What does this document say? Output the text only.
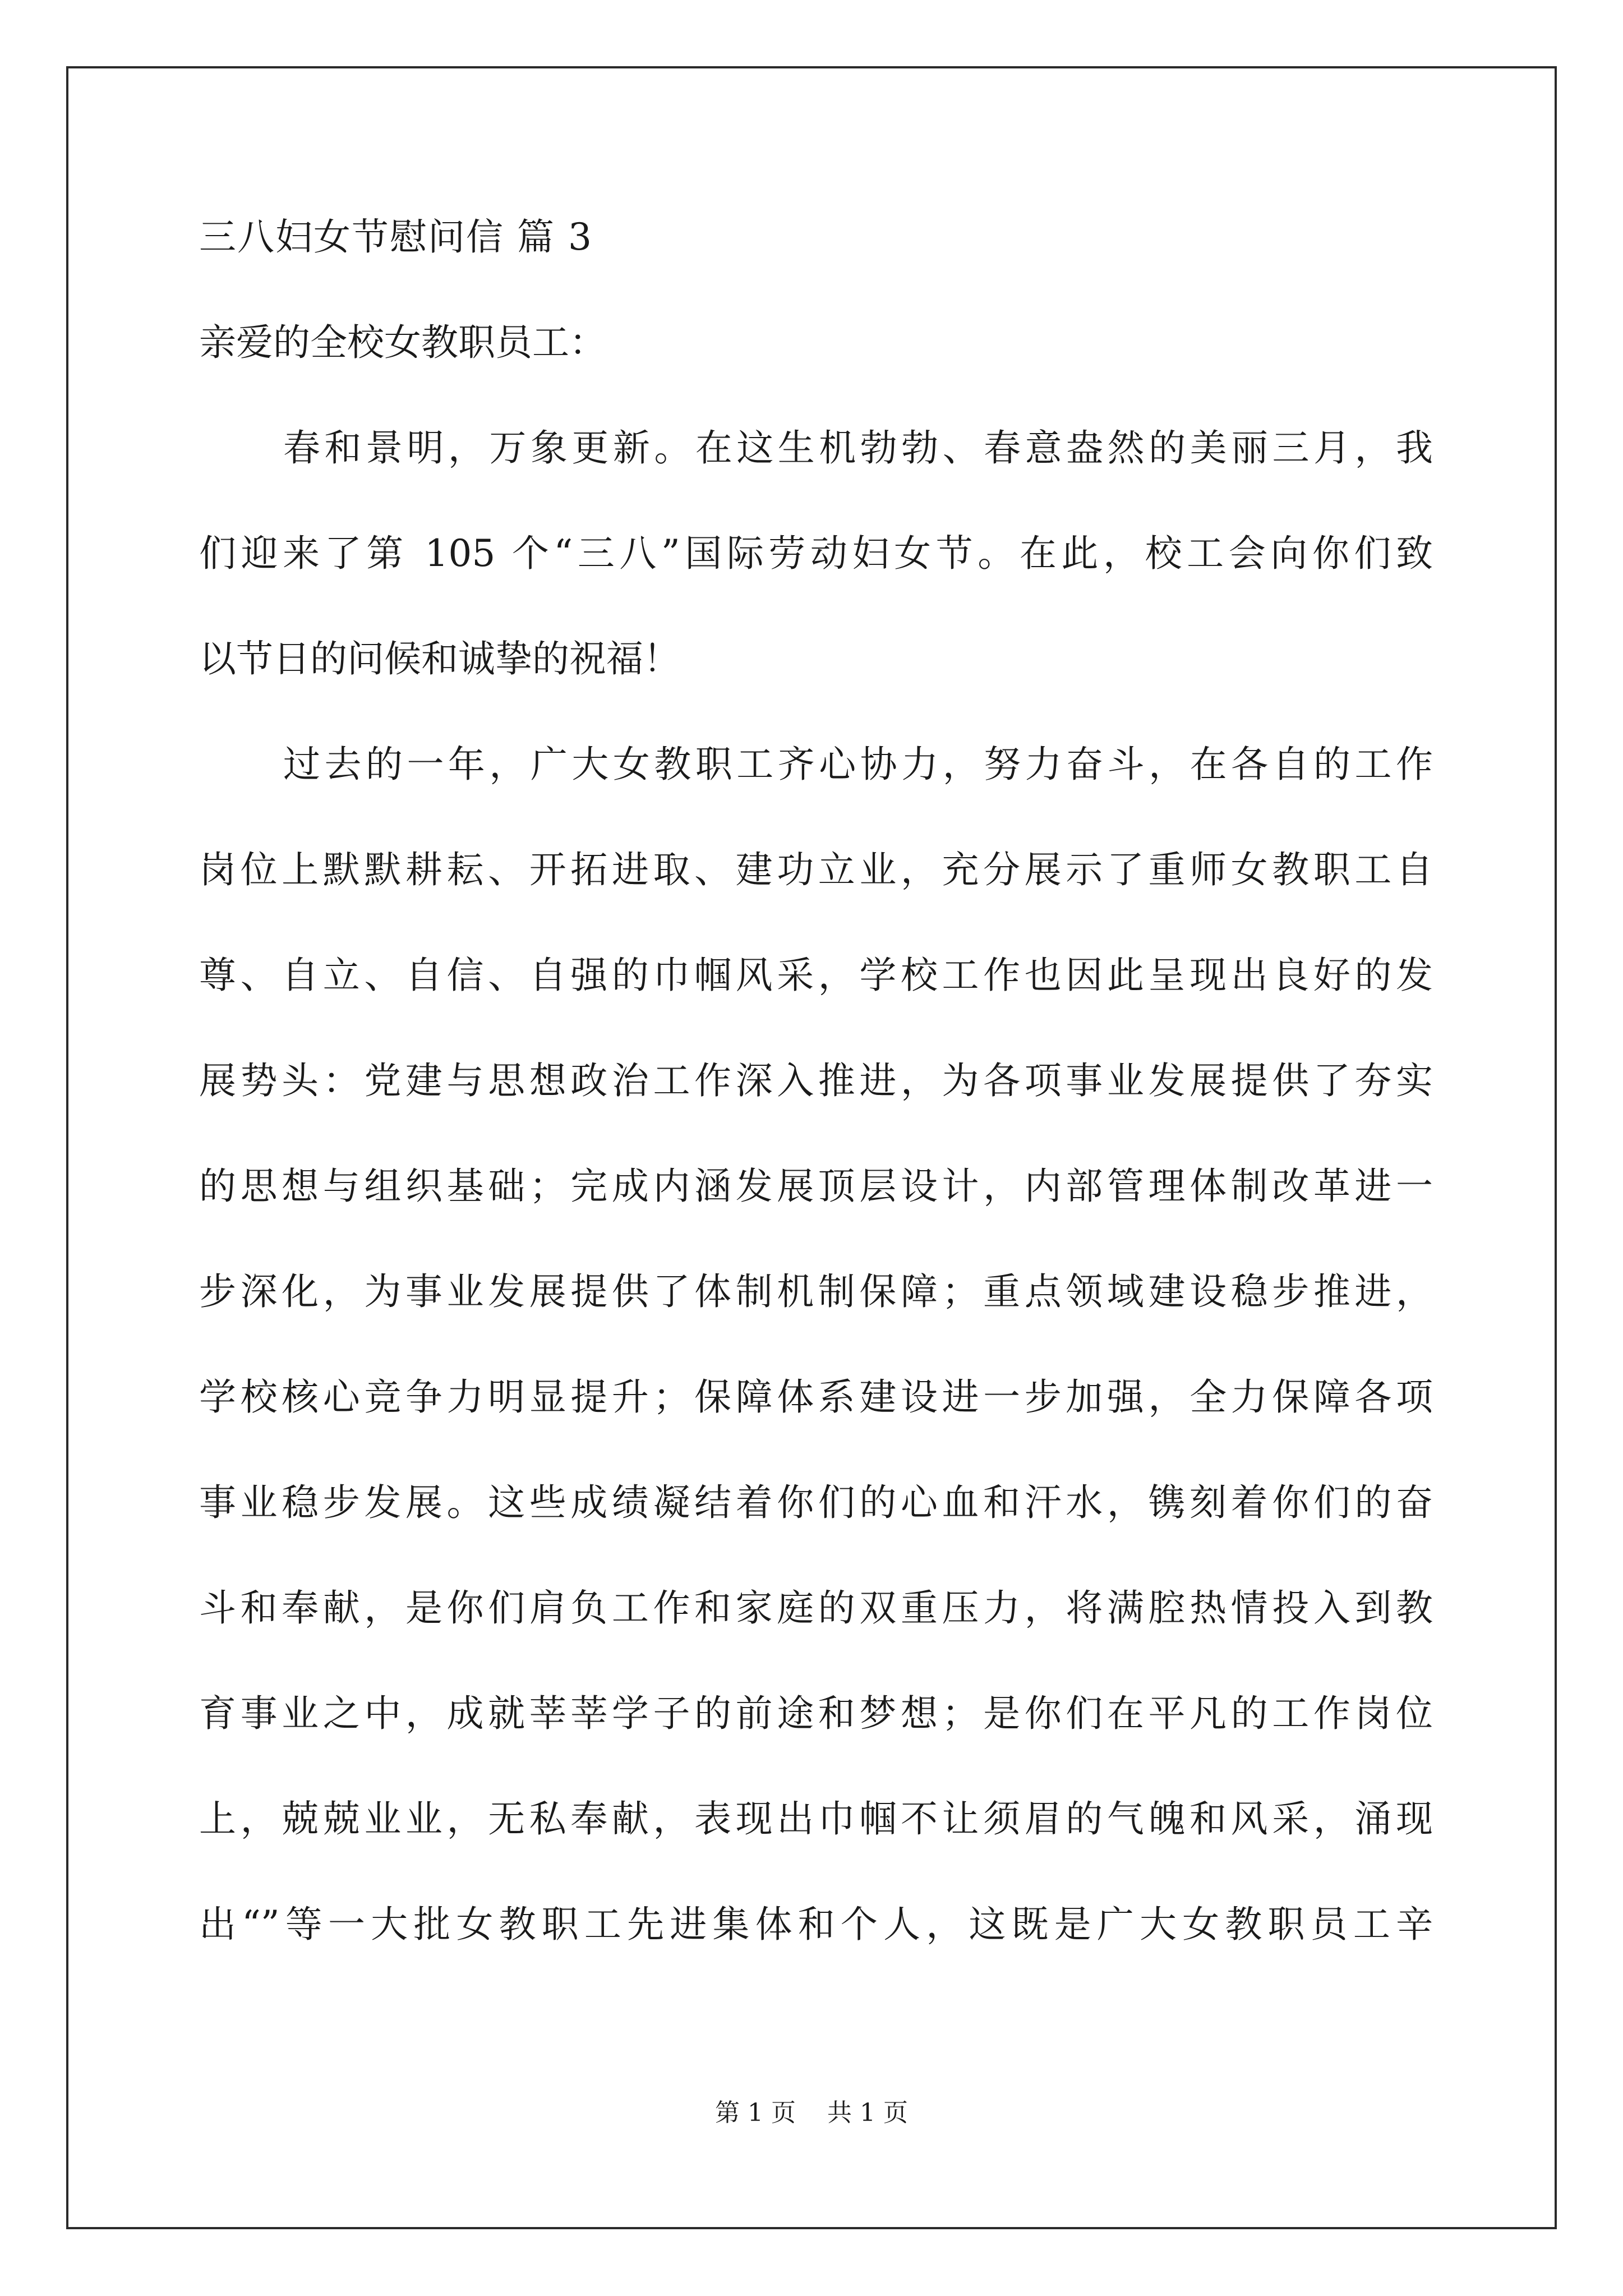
三八妇女节慰问信 篇 3
亲爱的全校女教职员工：
春和景明，万象更新。在这生机勃勃、春意盎然的美丽三月，我
们迎来了第 105 个“三八”国际劳动妇女节。在此，校工会向你们致
以节日的问候和诚挚的祝福！
过去的一年，广大女教职工齐心协力，努力奋斗，在各自的工作
岗位上默默耕耘、开拓进取、建功立业，充分展示了重师女教职工自
尊、自立、自信、自强的巾帼风采，学校工作也因此呈现出良好的发
展势头：党建与思想政治工作深入推进，为各项事业发展提供了夯实
的思想与组织基础；完成内涵发展顶层设计，内部管理体制改革进一
步深化，为事业发展提供了体制机制保障；重点领域建设稳步推进，
学校核心竞争力明显提升；保障体系建设进一步加强，全力保障各项
事业稳步发展。这些成绩凝结着你们的心血和汗水，镌刻着你们的奋
斗和奉献，是你们肩负工作和家庭的双重压力，将满腔热情投入到教
育事业之中，成就莘莘学子的前途和梦想；是你们在平凡的工作岗位
上，兢兢业业，无私奉献，表现出巾帼不让须眉的气魄和风采，涌现
出“”等一大批女教职工先进集体和个人，这既是广大女教职员工辛
第 1 页 共 1 页
